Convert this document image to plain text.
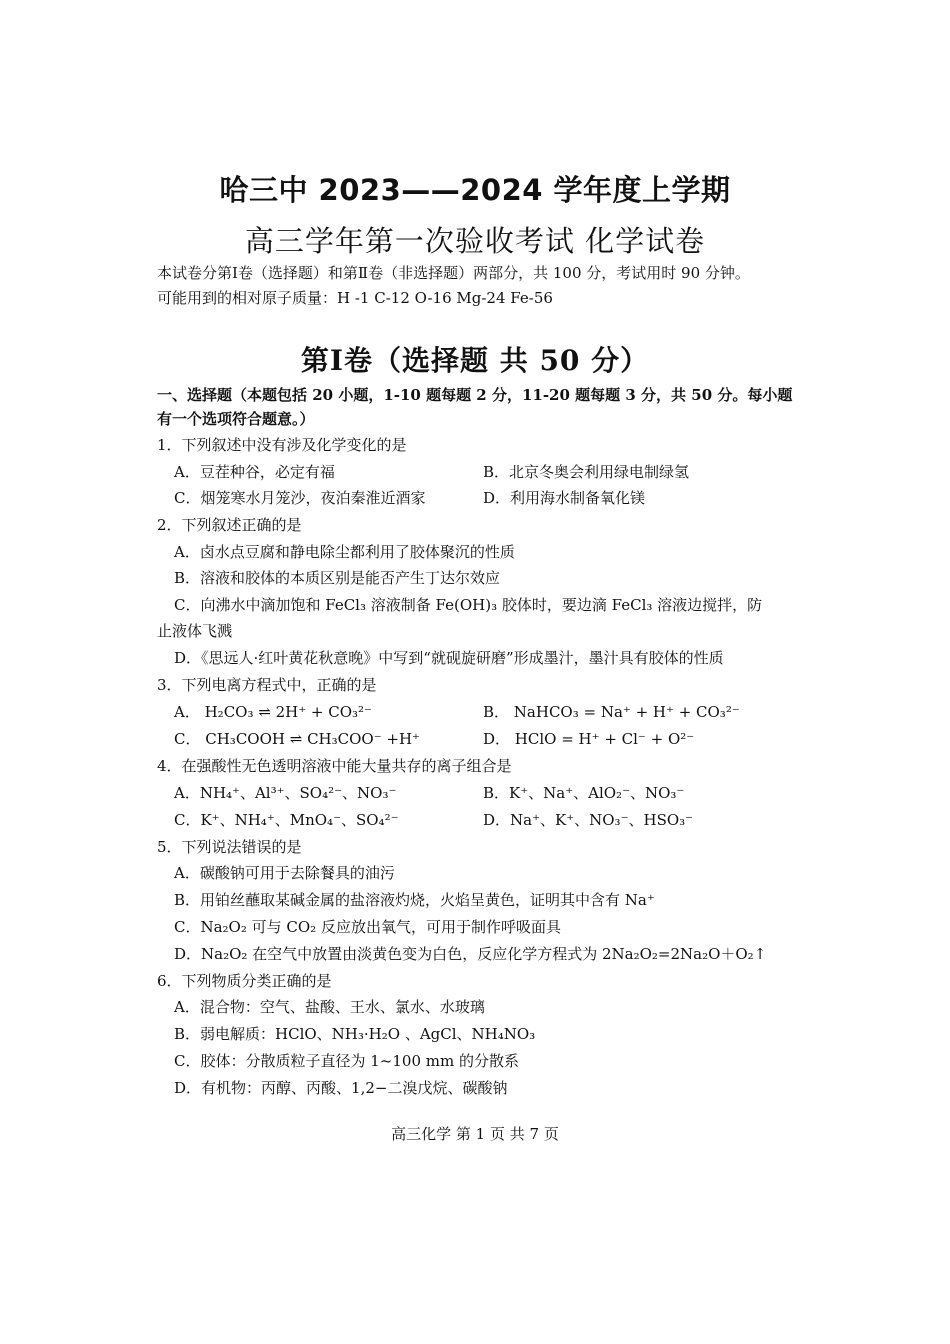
哈三中 2023——2024 学年度上学期
高三学年第一次验收考试 化学试卷
本试卷分第Ⅰ卷（选择题）和第Ⅱ卷（非选择题）两部分，共 100 分，考试用时 90 分钟。
可能用到的相对原子质量：H -1 C-12 O-16 Mg-24 Fe-56
第Ⅰ卷（选择题 共 50 分）
一、选择题（本题包括 20 小题，1-10 题每题 2 分，11-20 题每题 3 分，共 50 分。每小题有一个选项符合题意。）
1．下列叙述中没有涉及化学变化的是
A．豆茬种谷，必定有福	B．北京冬奥会利用绿电制绿氢
C．烟笼寒水月笼沙，夜泊秦淮近酒家	D．利用海水制备氧化镁
2．下列叙述正确的是
A．卤水点豆腐和静电除尘都利用了胶体聚沉的性质
B．溶液和胶体的本质区别是能否产生丁达尔效应
C．向沸水中滴加饱和 FeCl₃ 溶液制备 Fe(OH)₃ 胶体时，要边滴 FeCl₃ 溶液边搅拌，防
止液体飞溅
D．《思远人·红叶黄花秋意晚》中写到“就砚旋研磨”形成墨汁，墨汁具有胶体的性质
3．下列电离方程式中，正确的是
A． H₂CO₃ ⇌ 2H⁺ + CO₃²⁻	B． NaHCO₃ = Na⁺ + H⁺ + CO₃²⁻
C． CH₃COOH ⇌ CH₃COO⁻ +H⁺	D． HClO = H⁺ + Cl⁻ + O²⁻
4．在强酸性无色透明溶液中能大量共存的离子组合是
A．NH₄⁺、Al³⁺、SO₄²⁻、NO₃⁻	B．K⁺、Na⁺、AlO₂⁻、NO₃⁻
C．K⁺、NH₄⁺、MnO₄⁻、SO₄²⁻	D．Na⁺、K⁺、NO₃⁻、HSO₃⁻
5．下列说法错误的是
A．碳酸钠可用于去除餐具的油污
B．用铂丝蘸取某碱金属的盐溶液灼烧，火焰呈黄色，证明其中含有 Na⁺
C．Na₂O₂ 可与 CO₂ 反应放出氧气，可用于制作呼吸面具
D．Na₂O₂ 在空气中放置由淡黄色变为白色，反应化学方程式为 2Na₂O₂=2Na₂O＋O₂↑
6．下列物质分类正确的是
A．混合物：空气、盐酸、王水、氯水、水玻璃
B．弱电解质：HClO、NH₃·H₂O 、AgCl、NH₄NO₃
C．胶体：分散质粒子直径为 1~100 mm 的分散系
D．有机物：丙醇、丙酸、1,2−二溴戊烷、碳酸钠
高三化学 第 1 页 共 7 页
